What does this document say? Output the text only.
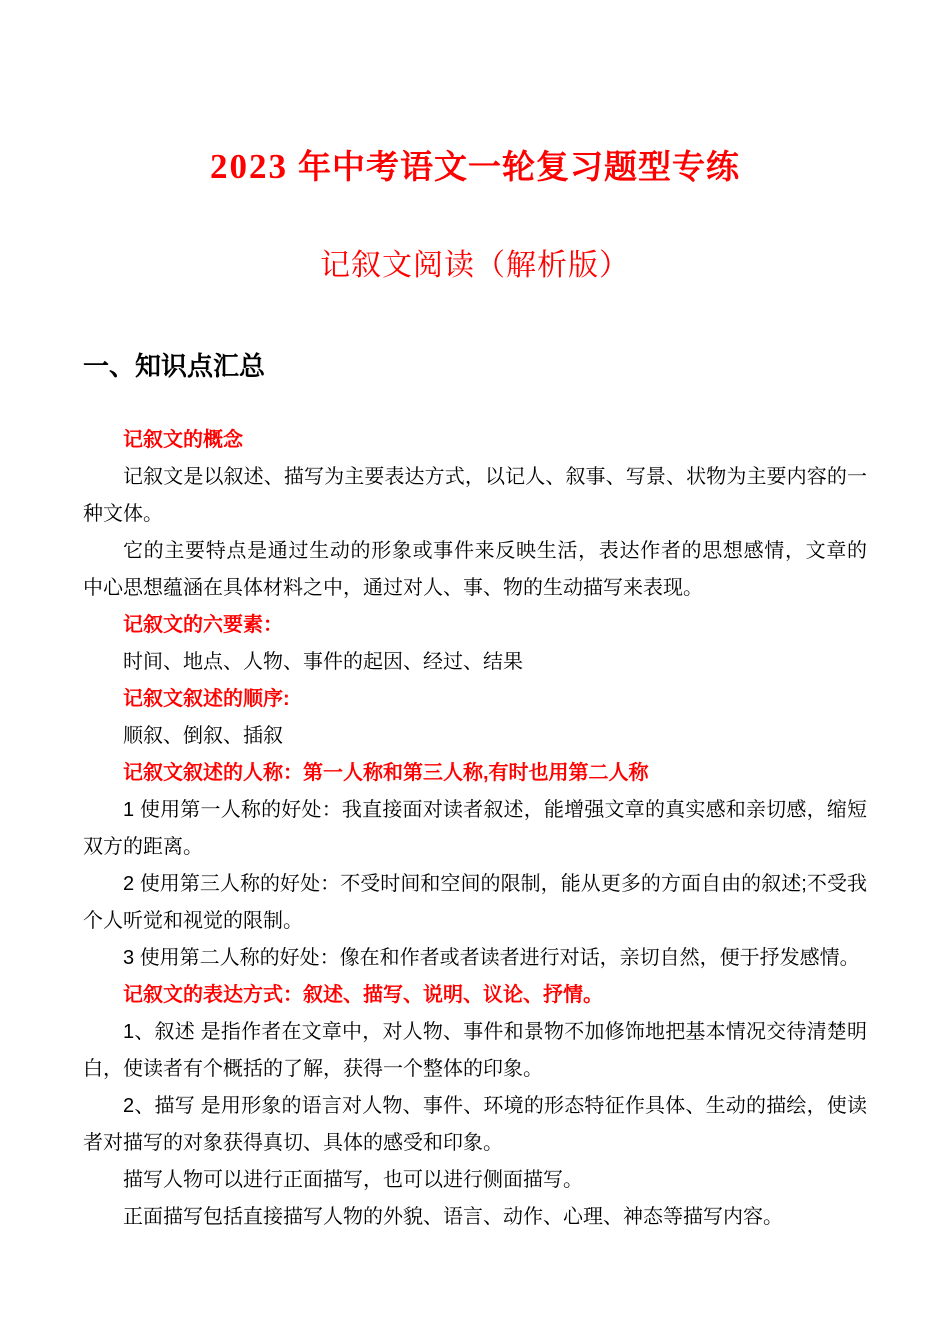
2023 年中考语文一轮复习题型专练
记叙文阅读（解析版）
一、知识点汇总

记叙文的概念

记叙文是以叙述、描写为主要表达方式，以记人、叙事、写景、状物为主要内容的一种文体。

它的主要特点是通过生动的形象或事件来反映生活，表达作者的思想感情，文章的 中心思想蕴涵在具体材料之中，通过对人、事、物的生动描写来表现。

记叙文的六要素：

时间、地点、人物、事件的起因、经过、结果

记叙文叙述的顺序:

顺叙、倒叙、插叙

记叙文叙述的人称：第一人称和第三人称,有时也用第二人称

1 使用第一人称的好处：我直接面对读者叙述，能增强文章的真实感和亲切感，缩短双方的距离。

2 使用第三人称的好处：不受时间和空间的限制，能从更多的方面自由的叙述;不受我个人听觉和视觉的限制。

3 使用第二人称的好处：像在和作者或者读者进行对话，亲切自然，便于抒发感情。

记叙文的表达方式：叙述、描写、说明、议论、抒情。

1、叙述 是指作者在文章中，对人物、事件和景物不加修饰地把基本情况交待清楚明白，使读者有个概括的了解，获得一个整体的印象。

2、描写 是用形象的语言对人物、事件、环境的形态特征作具体、生动的描绘，使读者对描写的对象获得真切、具体的感受和印象。

描写人物可以进行正面描写，也可以进行侧面描写。

正面描写包括直接描写人物的外貌、语言、动作、心理、神态等描写内容。
